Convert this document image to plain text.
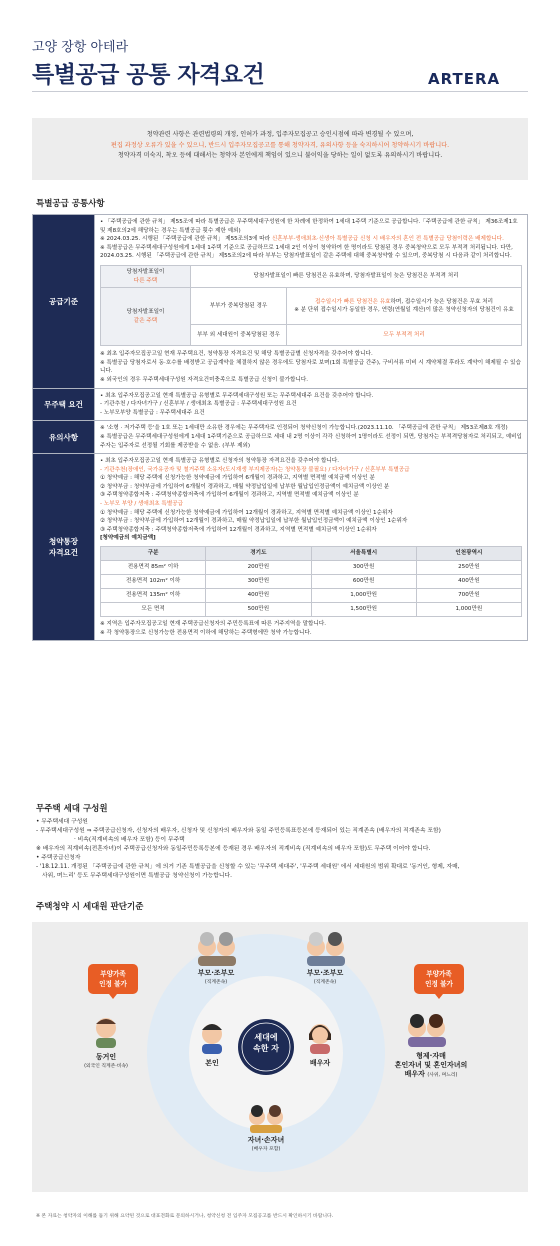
고양 장항 아테라
특별공급 공통 자격요건	ARTERA
청약관련 사항은 관련법령의 개정, 인허가 과정, 입주자모집공고 승인시점에 따라 변경될 수 있으며,
편집 과정상 오류가 있을 수 있으니, 반드시 입주자모집공고를 통해 청약자격, 유의사항 등을 숙지하시어 청약하시기 바랍니다.
청약자격 미숙지, 착오 등에 대해서는 청약자 본인에게 책임이 있으니 불이익을 당하는 일이 없도록 유의하시기 바랍니다.
특별공급 공통사항
공급기준	
• 「주택공급에 관한 규칙」 제55조에 따라 특별공급은 무주택세대구성원에 한 차례에 한정하여 1세대 1주택 기준으로 공급합니다.「주택공급에 관한 규칙」 제36조제1호 및 제8호의2에 해당하는 경우는 특별공급 횟수 제한 예외)
※ 2024.03.25. 시행된 「주택공급에 관한 규칙」 제55조의3에 따라 신혼부부·생애최초·신생아 특별공급 신청 시 배우자의 혼인 전 특별공급 당첨이력은 배제합니다.
※ 특별공급은 무주택세대구성원에게 1세대 1주택 기준으로 공급하므로 1세대 2인 이상이 청약하여 한 명이라도 당첨된 경우 중복청약으로 모두 부적격 처리됩니다. 다만, 2024.03.25. 시행된 「주택공급에 관한 규칙」 제55조의2에 따라 부부는 당첨자발표일이 같은 주택에 대해 중복청약할 수 있으며, 중복당첨 시 다음과 같이 처리합니다.
당첨자발표일이
다른 주택
	당첨자발표일이 빠른 당첨건은 유효하며, 당첨자발표일이 늦은 당첨건은 부적격 처리

당첨자발표일이
같은 주택
	부부가 중복당첨된 경우	접수일시가 빠른 당첨건은 유효하며, 접수일시가 늦은 당첨건은 무효 처리
※ 분 단위 접수일시가 동일한 경우, 연령(연월일 계산)이 많은 청약신청자의 당첨건이 유효

부부 외 세대원이 중복당첨된 경우	모두 부적격 처리
※ 최초 입주자모집공고일 현재 무주택요건, 청약통장 자격요건 및 해당 특별공급별 신청자격을 갖추어야 합니다.
※ 특별공급 당첨자로서 동·호수를 배정받고 공급계약을 체결하지 않은 경우에도 당첨자로 보며(1회 특별공급 간주), 구비서류 미비 시 계약체결 후라도 계약이 해제될 수 있습니다.
※ 외국인의 경우 무주택세대구성원 자격요건미충족으로 특별공급 신청이 불가합니다.

무주택 요건	
• 최초 입주자모집공고일 현재 특별공급 유형별로 무주택세대구성원 또는 무주택세대주 요건을 갖추어야 합니다.
- 기관추천 / 다자녀가구 / 신혼부부 / 생애최초 특별공급 : 무주택세대구성원 요건
- 노부모부양 특별공급 : 무주택세대주 요건

유의사항	
※ '소형 · 저가주택 등'을 1호 또는 1세대만 소유한 경우에는 무주택자로 인정되어 청약신청이 가능합니다.(2023.11.10. 「주택공급에 관한 규칙」 제53조제8호 개정)
※ 특별공급은 무주택세대구성원에게 1세대 1주택기준으로 공급하므로 세대 내 2명 이상이 각각 신청하여 1명이라도 선정이 되면, 당첨자는 부적격당첨자로 처리되고, 예비입주자는 입주자로 선정될 기회를 제공받을 수 없음. (부부 제외)

청약통장
자격요건

• 최초 입주자모집공고일 현재 특별공급 유형별로 신청자의 청약통장 자격요건을 갖추어야 합니다.
- 기관추천(장애인, 국가유공자 및 철거주택 소유자(도시재생 부지제공자)는 청약통장 불필요) / 다자녀가구 / 신혼부부 특별공급
① 청약예금 : 해당 주택에 신청가능한 청약예금에 가입하여 6개월이 경과하고, 지역별 면적별 예치금액 이상인 분
② 청약부금 : 청약부금에 가입하여 6개월이 경과하고, 매월 약정납입일에 납부한 월납입인정금액이 예치금액 이상인 분
③ 주택청약종합저축 : 주택청약종합저축에 가입하여 6개월이 경과하고, 지역별 면적별 예치금액 이상인 분
- 노부모 부양 / 생애최초 특별공급
① 청약예금 : 해당 주택에 신청가능한 청약예금에 가입하여 12개월이 경과하고, 지역별 면적별 예치금액 이상인 1순위자
② 청약부금 : 청약부금에 가입하여 12개월이 경과하고, 매월 약정납입일에 납부한 월납입인정금액이 예치금액 이상인 1순위자
③ 주택청약종합저축 : 주택청약종합저축에 가입하여 12개월이 경과하고, 지역별 면적별 예치금액 이상인 1순위자
[청약예금의 예치금액]
구분	경기도	서울특별시	인천광역시
전용면적 85m² 이하	200만원	300만원	250만원
전용면적 102m² 이하	300만원	600만원	400만원
전용면적 135m² 이하	400만원	1,000만원	700만원
모든 면적	500만원	1,500만원	1,000만원
※ 지역은 입주자모집공고일 현재 주택공급신청자의 주민등록표에 따른 거주지역을 말합니다.
※ 각 청약통장으로 신청가능한 전용면적 이하에 해당하는 주택형에만 청약 가능합니다.
무주택 세대 구성원
• 무주택세대 구성원
- 무주택세대구성원 ⇒ 주택공급신청자, 신청자의 배우자, 신청자 및 신청자의 배우자와 동일 주민등록표등본에 등재되어 있는 직계존속 (배우자의 직계존속 포함)
· 비속(직계비속의 배우자 포함) 등이 무주택
※ 배우자의 직계비속(전혼자녀)이 주택공급신청자와 동일주민등록등본에 등재된 경우 배우자의 직계비속 (직계비속의 배우자 포함)도 무주택 이어야 합니다.
• 주택공급신청자
- '18.12.11. 개정된 「주택공급에 관한 규칙」에 의거 기존 특별공급을 신청할 수 있는 '무주택 세대주', '무주택 세대원' 에서 세대원의 범위 확대로 '동거인, 형제, 자매,
사위, 며느리' 등도 무주택세대구성원이면 특별공급 청약신청이 가능합니다.
주택청약 시 세대원 판단기준
세대에
속한 자
부양가족
인정 불가
부양가족
인정 불가
부모·조부모
(직계존속)
부모·조부모
(직계존속)
본인	배우자
자녀·손자녀
(배우자 포함)
동거인
(외국인 직계존·비속)
형제·자매
혼인자녀 및 혼인자녀의
배우자 (사위, 며느리)
※ 본 자료는 청약자의 이해를 돕기 위해 요약된 것으로 대표전화로 문의하시거나, 청약신청 전 입주자 모집공고를 반드시 확인하시기 바랍니다.
